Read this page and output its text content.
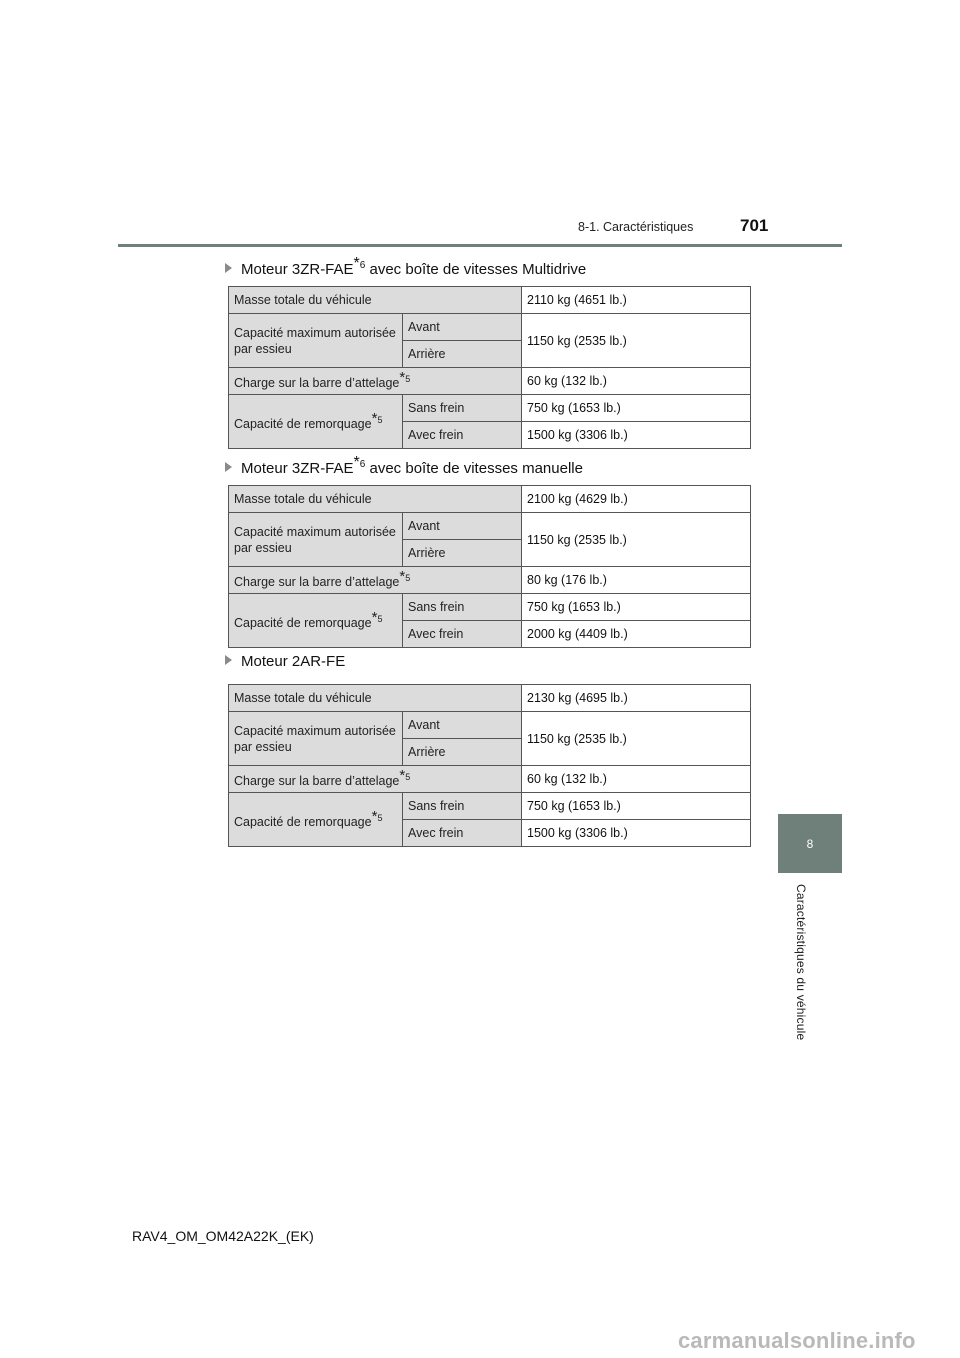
8-1. Caractéristiques	701
8
Caractéristiques du véhicule
Moteur 3ZR-FAE$^{*6}$ avec boîte de vitesses Multidrive
Masse totale du véhicule		2110 kg (4651 lb.)
Capacité maximum autorisée par essieu	Avant	1150 kg (2535 lb.)
	Arrière	
Charge sur la barre d’attelage$^{*5}$		60 kg (132 lb.)
Capacité de remorquage$^{*5}$	Sans frein	750 kg (1653 lb.)
	Avec frein	1500 kg (3306 lb.)
Moteur 3ZR-FAE$^{*6}$ avec boîte de vitesses manuelle
Masse totale du véhicule		2100 kg (4629 lb.)
Capacité maximum autorisée par essieu	Avant	1150 kg (2535 lb.)
	Arrière	
Charge sur la barre d’attelage$^{*5}$		80 kg (176 lb.)
Capacité de remorquage$^{*5}$	Sans frein	750 kg (1653 lb.)
	Avec frein	2000 kg (4409 lb.)
Moteur 2AR-FE
Masse totale du véhicule		2130 kg (4695 lb.)
Capacité maximum autorisée par essieu	Avant	1150 kg (2535 lb.)
	Arrière	
Charge sur la barre d’attelage$^{*5}$		60 kg (132 lb.)
Capacité de remorquage$^{*5}$	Sans frein	750 kg (1653 lb.)
	Avec frein	1500 kg (3306 lb.)
RAV4_OM_OM42A22K_(EK)
carmanualsonline.info
